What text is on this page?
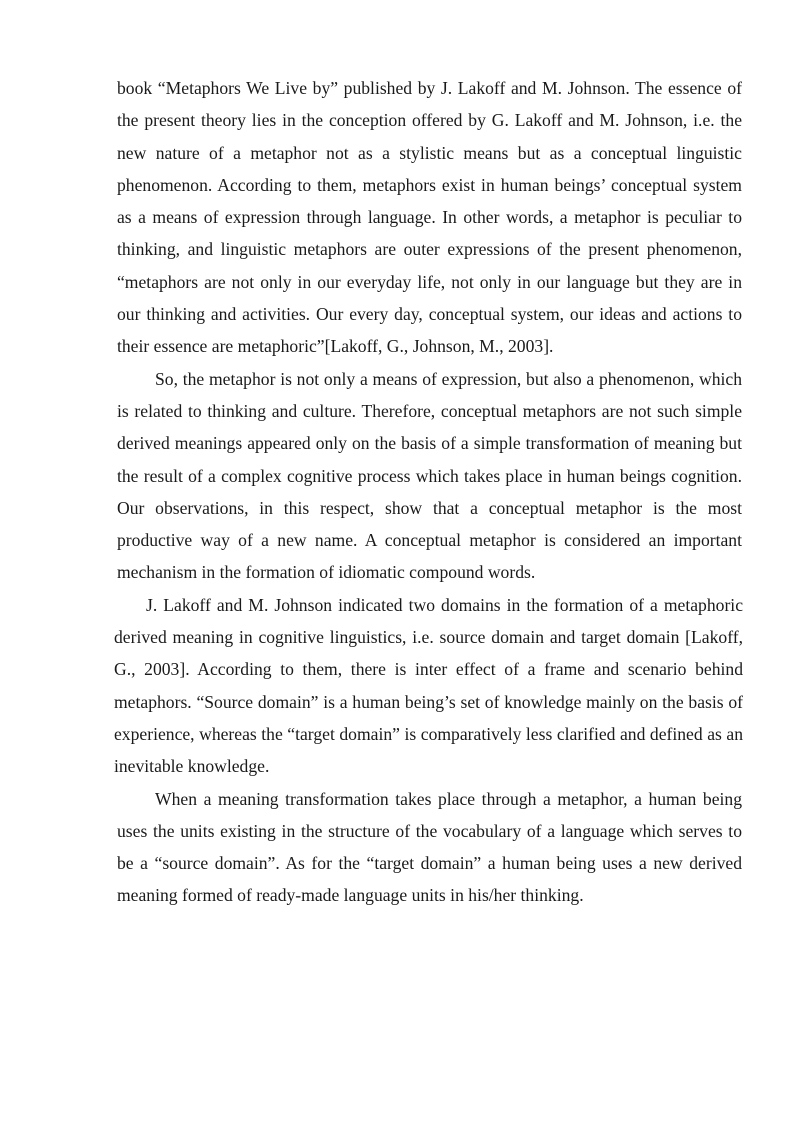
book “Metaphors We Live by” published by J. Lakoff and M. Johnson. The essence of the present theory lies in the conception offered by G. Lakoff and M. Johnson, i.e. the new nature of a metaphor not as a stylistic means but as a conceptual linguistic phenomenon. According to them, metaphors exist in human beings’ conceptual system as a means of expression through language. In other words, a metaphor is peculiar to thinking, and linguistic metaphors are outer expressions of the present phenomenon, “metaphors are not only in our everyday life, not only in our language but they are in our thinking and activities. Our every day, conceptual system, our ideas and actions to their essence are metaphoric”[Lakoff, G., Johnson, M., 2003].

So, the metaphor is not only a means of expression, but also a phenomenon, which is related to thinking and culture. Therefore, conceptual metaphors are not such simple derived meanings appeared only on the basis of a simple transformation of meaning but the result of a complex cognitive process which takes place in human beings cognition. Our observations, in this respect, show that a conceptual metaphor is the most productive way of a new name. A conceptual metaphor is considered an important mechanism in the formation of idiomatic compound words.

J. Lakoff and M. Johnson indicated two domains in the formation of a metaphoric derived meaning in cognitive linguistics, i.e. source domain and target domain [Lakoff, G., 2003]. According to them, there is inter effect of a frame and scenario behind metaphors. “Source domain” is a human being’s set of knowledge mainly on the basis of experience, whereas the “target domain” is comparatively less clarified and defined as an inevitable knowledge.

When a meaning transformation takes place through a metaphor, a human being uses the units existing in the structure of the vocabulary of a language which serves to be a “source domain”. As for the “target domain” a human being uses a new derived meaning formed of ready-made language units in his/her thinking.
